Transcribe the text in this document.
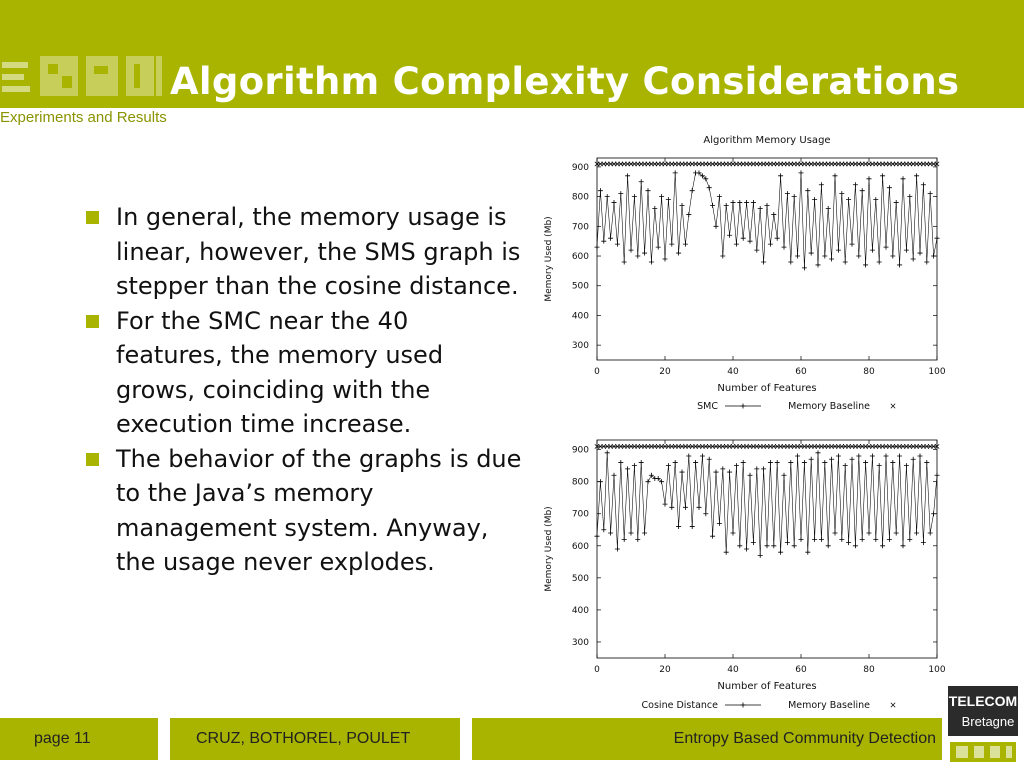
Algorithm Complexity Considerations
Experiments and Results
In general, the memory usage is linear, however, the SMS graph is stepper than the cosine distance.
For the SMC near the 40 features, the memory used grows, coinciding with the execution time increase.
The behavior of the graphs is due to the Java’s memory management system. Anyway, the usage never explodes.
Algorithm Memory Usage
300
400
500
600
700
800
900
0	20	40	60	80	100
Number of Features
Memory Used (Mb)
SMC	Memory Baseline
300
400
500
600
700
800
900
0	20	40	60	80	100
Number of Features
Memory Used (Mb)
Cosine Distance	Memory Baseline
page 11	CRUZ, BOTHOREL, POULET	Entropy Based Community Detection
TELECOM
Bretagne
